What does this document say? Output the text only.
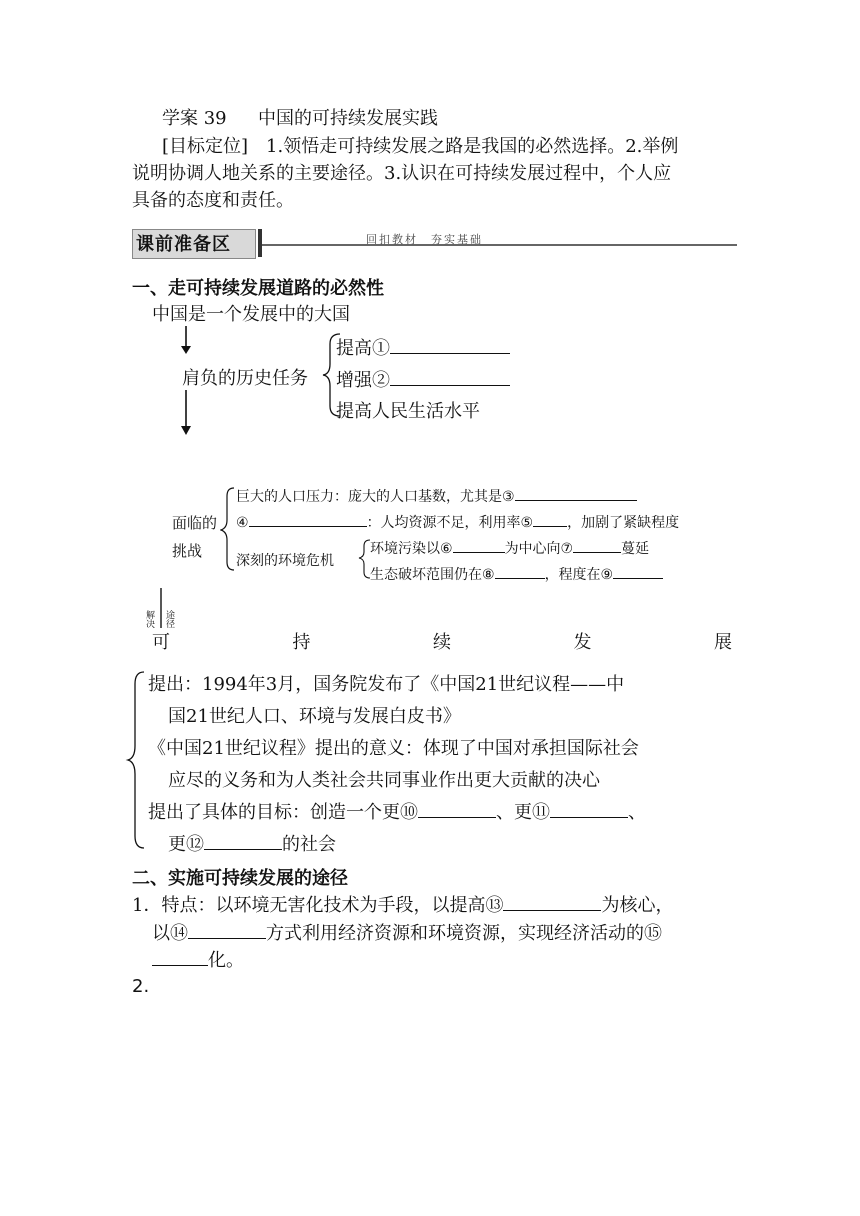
学案 39 中国的可持续发展实践
[目标定位]　1.领悟走可持续发展之路是我国的必然选择。2.举例
说明协调人地关系的主要途径。3.认识在可持续发展过程中，个人应
具备的态度和责任。
课前准备区	回扣教材　夯实基础
一、走可持续发展道路的必然性
中国是一个发展中的大国
肩负的历史任务
提高①
增强②
提高人民生活水平
面临的
挑战
巨大的人口压力：庞大的人口基数，尤其是③
④	：人均资源不足，利用率⑤ ，加剧了紧缺程度
深刻的环境危机
环境污染以⑥	为中心向⑦	蔓延
生态破坏范围仍在⑧	，程度在⑨
解决
途径
可	持	续	发	展
提出：1994年3月，国务院发布了《中国21世纪议程——中
国21世纪人口、环境与发展白皮书》
《中国21世纪议程》提出的意义：体现了中国对承担国际社会
应尽的义务和为人类社会共同事业作出更大贡献的决心
提出了具体的目标：创造一个更⑩	、更⑪	、
更⑫	的社会
二、实施可持续发展的途径
1．特点：以环境无害化技术为手段，以提高⑬	为核心，
以⑭	方式利用经济资源和环境资源，实现经济活动的⑮
化。
2.
